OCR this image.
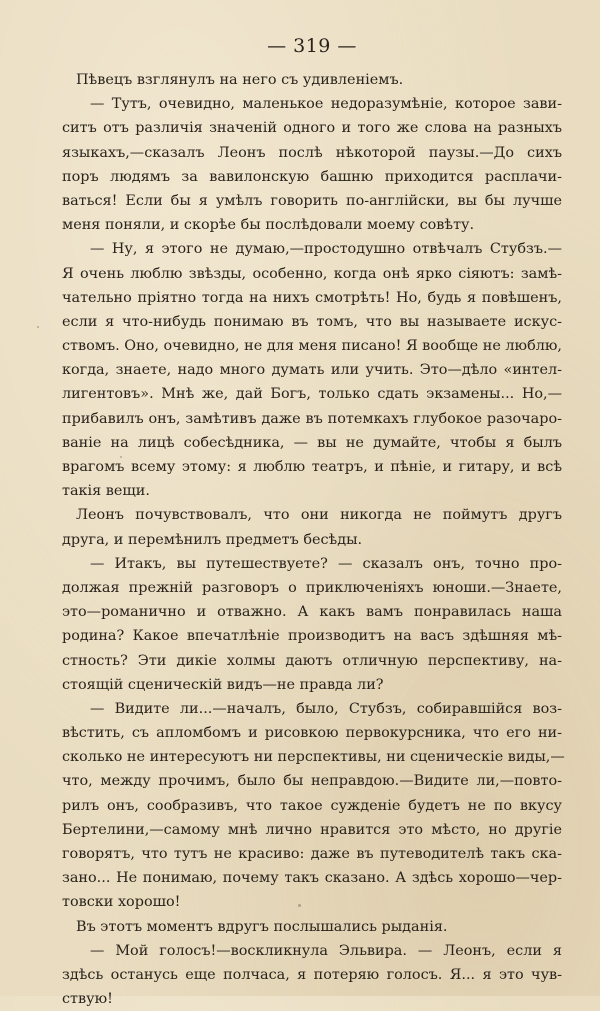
— 319 —
Пѣвецъ взглянулъ на него съ удивленіемъ.
— Тутъ, очевидно, маленькое недоразумѣніе, которое зави-
ситъ отъ различія значеній одного и того же слова на разныхъ
языкахъ,—сказалъ Леонъ послѣ нѣкоторой паузы.—До сихъ
поръ людямъ за вавилонскую башню приходится расплачи-
ваться! Если бы я умѣлъ говорить по-англійски, вы бы лучше
меня поняли, и скорѣе бы послѣдовали моему совѣту.
— Ну, я этого не думаю,—простодушно отвѣчалъ Стубзъ.—
Я очень люблю звѣзды, особенно, когда онѣ ярко сіяютъ: замѣ-
чательно пріятно тогда на нихъ смотрѣть! Но, будь я повѣшенъ,
если я что-нибудь понимаю въ томъ, что вы называете искус-
ствомъ. Оно, очевидно, не для меня писано! Я вообще не люблю,
когда, знаете, надо много думать или учить. Это—дѣло «интел-
лигентовъ». Мнѣ же, дай Богъ, только сдать экзамены... Но,—
прибавилъ онъ, замѣтивъ даже въ потемкахъ глубокое разочаро-
ваніе на лицѣ собесѣдника, — вы не думайте, чтобы я былъ
врагомъ всему этому: я люблю театръ, и пѣніе, и гитару, и всѣ
такія вещи.
Леонъ почувствовалъ, что они никогда не поймутъ другъ
друга, и перемѣнилъ предметъ бесѣды.
— Итакъ, вы путешествуете? — сказалъ онъ, точно про-
должая прежній разговоръ о приключеніяхъ юноши.—Знаете,
это—романично и отважно. А какъ вамъ понравилась наша
родина? Какое впечатлѣніе производитъ на васъ здѣшняя мѣ-
стность? Эти дикіе холмы даютъ отличную перспективу, на-
стоящій сценическій видъ—не правда ли?
— Видите ли...—началъ, было, Стубзъ, собиравшійся воз-
вѣстить, съ апломбомъ и рисовкою первокурсника, что его ни-
сколько не интересуютъ ни перспективы, ни сценическіе виды,—
что, между прочимъ, было бы неправдою.—Видите ли,—повто-
рилъ онъ, сообразивъ, что такое сужденіе будетъ не по вкусу
Бертелини,—самому мнѣ лично нравится это мѣсто, но другіе
говорятъ, что тутъ не красиво: даже въ путеводителѣ такъ ска-
зано... Не понимаю, почему такъ сказано. А здѣсь хорошо—чер-
товски хорошо!
Въ этотъ моментъ вдругъ послышались рыданія.
— Мой голосъ!—воскликнула Эльвира. — Леонъ, если я
здѣсь останусь еще полчаса, я потеряю голосъ. Я... я это чув-
ствую!
